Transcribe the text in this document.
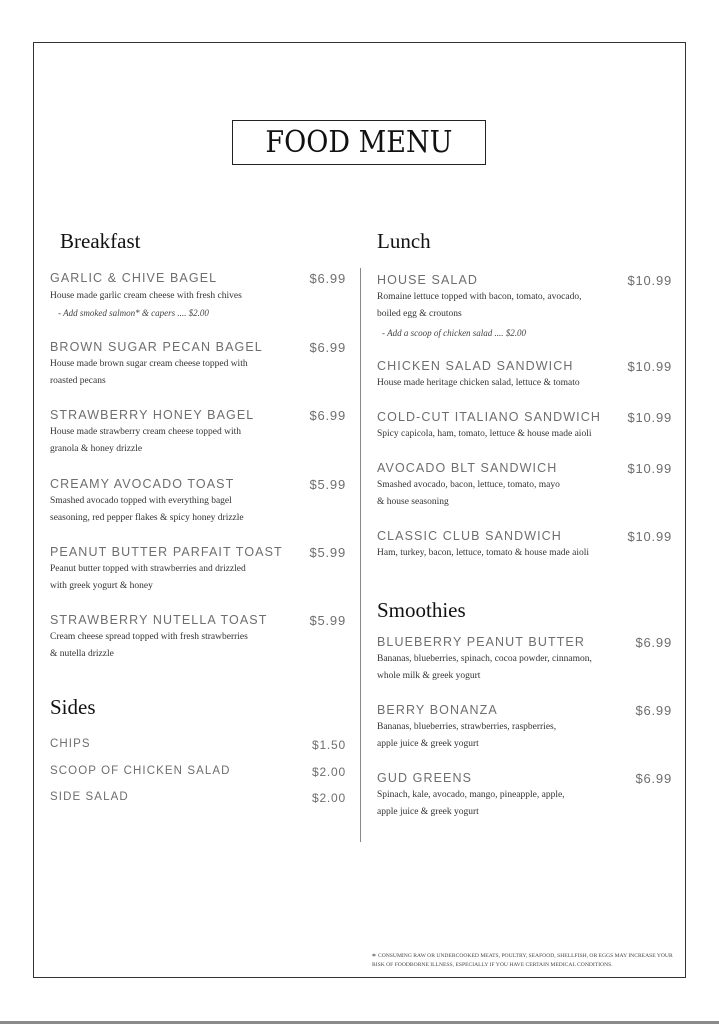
FOOD MENU
Breakfast
GARLIC & CHIVE BAGEL	$6.99
House made garlic cream cheese with fresh chives
- Add smoked salmon* & capers .... $2.00
BROWN SUGAR PECAN BAGEL	$6.99
House made brown sugar cream cheese topped with
roasted pecans
STRAWBERRY HONEY BAGEL	$6.99
House made strawberry cream cheese topped with
granola & honey drizzle
CREAMY AVOCADO TOAST	$5.99
Smashed avocado topped with everything bagel
seasoning, red pepper flakes & spicy honey drizzle
PEANUT BUTTER PARFAIT TOAST $5.99
Peanut butter topped with strawberries and drizzled
with greek yogurt & honey
STRAWBERRY NUTELLA TOAST	$5.99
Cream cheese spread topped with fresh strawberries
& nutella drizzle
Sides
CHIPS	$1.50
SCOOP OF CHICKEN SALAD	$2.00
SIDE SALAD	$2.00
Lunch
HOUSE SALAD	$10.99
Romaine lettuce topped with bacon, tomato, avocado,
boiled egg & croutons
- Add a scoop of chicken salad .... $2.00
CHICKEN SALAD SANDWICH	$10.99
House made heritage chicken salad, lettuce & tomato
COLD-CUT ITALIANO SANDWICH $10.99
Spicy capicola, ham, tomato, lettuce & house made aioli
AVOCADO BLT SANDWICH	$10.99
Smashed avocado, bacon, lettuce, tomato, mayo
& house seasoning
CLASSIC CLUB SANDWICH	$10.99
Ham, turkey, bacon, lettuce, tomato & house made aioli
Smoothies
BLUEBERRY PEANUT BUTTER	$6.99
Bananas, blueberries, spinach, cocoa powder, cinnamon,
whole milk & greek yogurt
BERRY BONANZA	$6.99
Bananas, blueberries, strawberries, raspberries,
apple juice & greek yogurt
GUD GREENS	$6.99
Spinach, kale, avocado, mango, pineapple, apple,
apple juice & greek yogurt
* CONSUMING RAW OR UNDERCOOKED MEATS, POULTRY, SEAFOOD, SHELLFISH, OR EGGS MAY INCREASE YOUR RISK OF FOODBORNE ILLNESS, ESPECIALLY IF YOU HAVE CERTAIN MEDICAL CONDITIONS.
